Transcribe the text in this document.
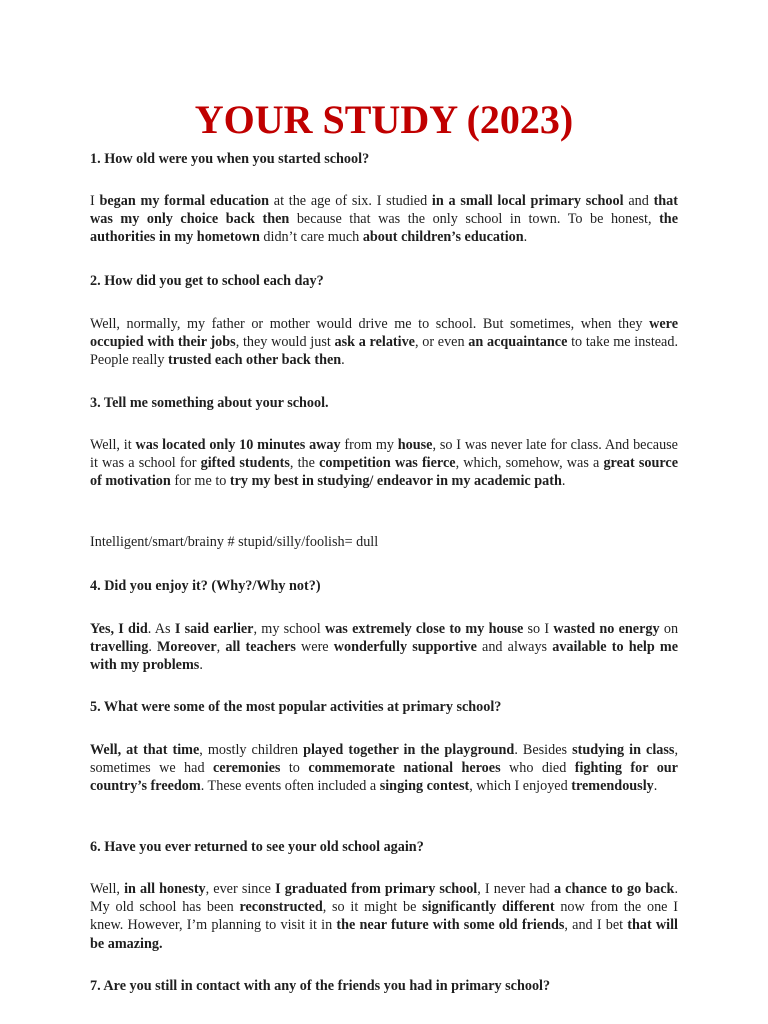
YOUR STUDY (2023)

1. How old were you when you started school?

I began my formal education at the age of six. I studied in a small local primary school and that was my only choice back then because that was the only school in town. To be honest, the authorities in my hometown didn’t care much about children’s education.

2. How did you get to school each day?

Well, normally, my father or mother would drive me to school. But sometimes, when they were occupied with their jobs, they would just ask a relative, or even an acquaintance to take me instead. People really trusted each other back then.

3. Tell me something about your school.

Well, it was located only 10 minutes away from my house, so I was never late for class. And because it was a school for gifted students, the competition was fierce, which, somehow, was a great source of motivation for me to try my best in studying/ endeavor in my academic path.

Intelligent/smart/brainy # stupid/silly/foolish= dull

4. Did you enjoy it? (Why?/Why not?)

Yes, I did. As I said earlier, my school was extremely close to my house so I wasted no energy on travelling. Moreover, all teachers were wonderfully supportive and always available to help me with my problems.

5. What were some of the most popular activities at primary school?

Well, at that time, mostly children played together in the playground. Besides studying in class, sometimes we had ceremonies to commemorate national heroes who died fighting for our country’s freedom. These events often included a singing contest, which I enjoyed tremendously.

6. Have you ever returned to see your old school again?

Well, in all honesty, ever since I graduated from primary school, I never had a chance to go back. My old school has been reconstructed, so it might be significantly different now from the one I knew. However, I’m planning to visit it in the near future with some old friends, and I bet that will be amazing.

7. Are you still in contact with any of the friends you had in primary school?
